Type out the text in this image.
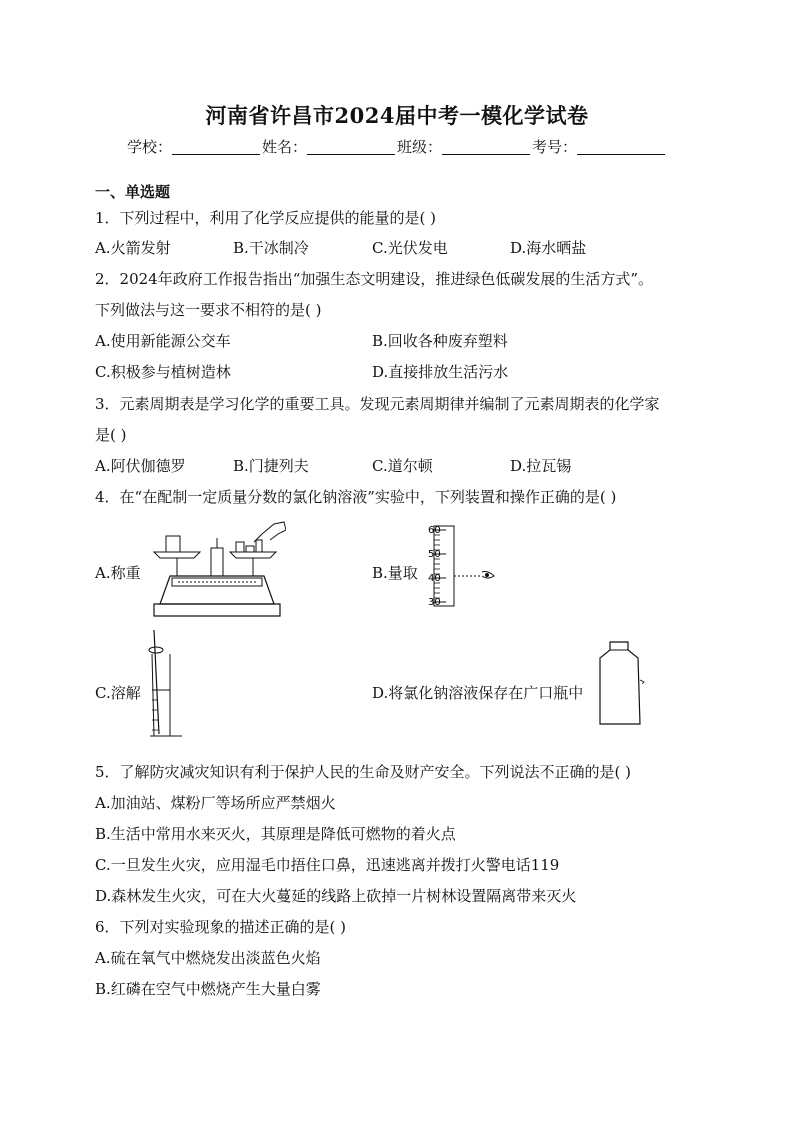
河南省许昌市2024届中考一模化学试卷
学校：	姓名：	班级：	考号：
一、单选题
1．下列过程中，利用了化学反应提供的能量的是( )
A.火箭发射	B.干冰制冷	C.光伏发电	D.海水晒盐
2．2024年政府工作报告指出“加强生态文明建设，推进绿色低碳发展的生活方式”。
下列做法与这一要求不相符的是( )
A.使用新能源公交车	B.回收各种废弃塑料
C.积极参与植树造林	D.直接排放生活污水
3．元素周期表是学习化学的重要工具。发现元素周期律并编制了元素周期表的化学家
是( )
A.阿伏伽德罗	B.门捷列夫	C.道尔顿	D.拉瓦锡
4．在“在配制一定质量分数的氯化钠溶液”实验中，下列装置和操作正确的是( )
A.称重	B.量取
60
50
40
30
C.溶解	D.将氯化钠溶液保存在广口瓶中
5．了解防灾减灾知识有利于保护人民的生命及财产安全。下列说法不正确的是( )
A.加油站、煤粉厂等场所应严禁烟火
B.生活中常用水来灭火，其原理是降低可燃物的着火点
C.一旦发生火灾，应用湿毛巾捂住口鼻，迅速逃离并拨打火警电话119
D.森林发生火灾，可在大火蔓延的线路上砍掉一片树林设置隔离带来灭火
6．下列对实验现象的描述正确的是( )
A.硫在氧气中燃烧发出淡蓝色火焰
B.红磷在空气中燃烧产生大量白雾
